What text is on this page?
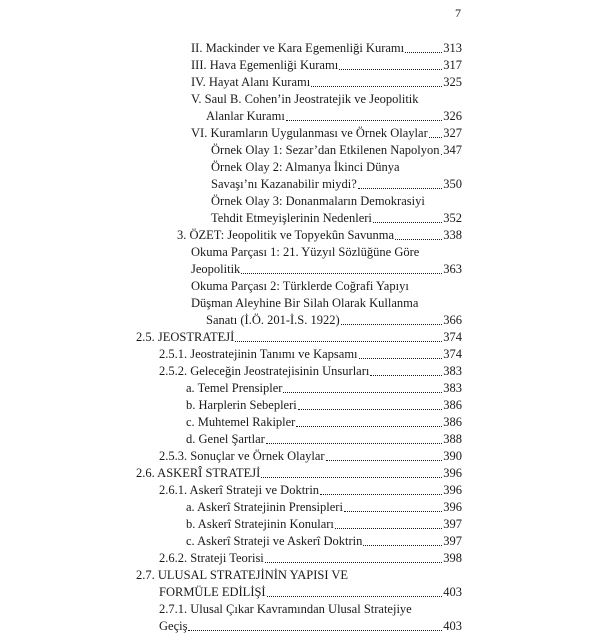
7
II. Mackinder ve Kara Egemenliği Kuramı	313
III. Hava Egemenliği Kuramı	317
IV. Hayat Alanı Kuramı	325
V. Saul B. Cohen’in Jeostratejik ve Jeopolitik
Alanlar Kuramı	326
VI. Kuramların Uygulanması ve Örnek Olaylar 327
Örnek Olay 1: Sezar’dan Etkilenen Napolyon 347
Örnek Olay 2: Almanya İkinci Dünya
Savaşı’nı Kazanabilir miydi?	350
Örnek Olay 3: Donanmaların Demokrasiyi
Tehdit Etmeyişlerinin Nedenleri	352
3. ÖZET: Jeopolitik ve Topyekûn Savunma	338
Okuma Parçası 1: 21. Yüzyıl Sözlüğüne Göre
Jeopolitik	363
Okuma Parçası 2: Türklerde Coğrafi Yapıyı
Düşman Aleyhine Bir Silah Olarak Kullanma
Sanatı (İ.Ö. 201-İ.S. 1922)	366
2.5. JEOSTRATEJİ	374
2.5.1. Jeostratejinin Tanımı ve Kapsamı	374
2.5.2. Geleceğin Jeostratejisinin Unsurları	383
a. Temel Prensipler	383
b. Harplerin Sebepleri	386
c. Muhtemel Rakipler	386
d. Genel Şartlar	388
2.5.3. Sonuçlar ve Örnek Olaylar	390
2.6. ASKERÎ STRATEJİ	396
2.6.1. Askerî Strateji ve Doktrin	396
a. Askerî Stratejinin Prensipleri	396
b. Askerî Stratejinin Konuları	397
c. Askerî Strateji ve Askerî Doktrin	397
2.6.2. Strateji Teorisi	398
2.7. ULUSAL STRATEJİNİN YAPISI VE
FORMÜLE EDİLİŞİ	403
2.7.1. Ulusal Çıkar Kavramından Ulusal Stratejiye
Geçiş	403
